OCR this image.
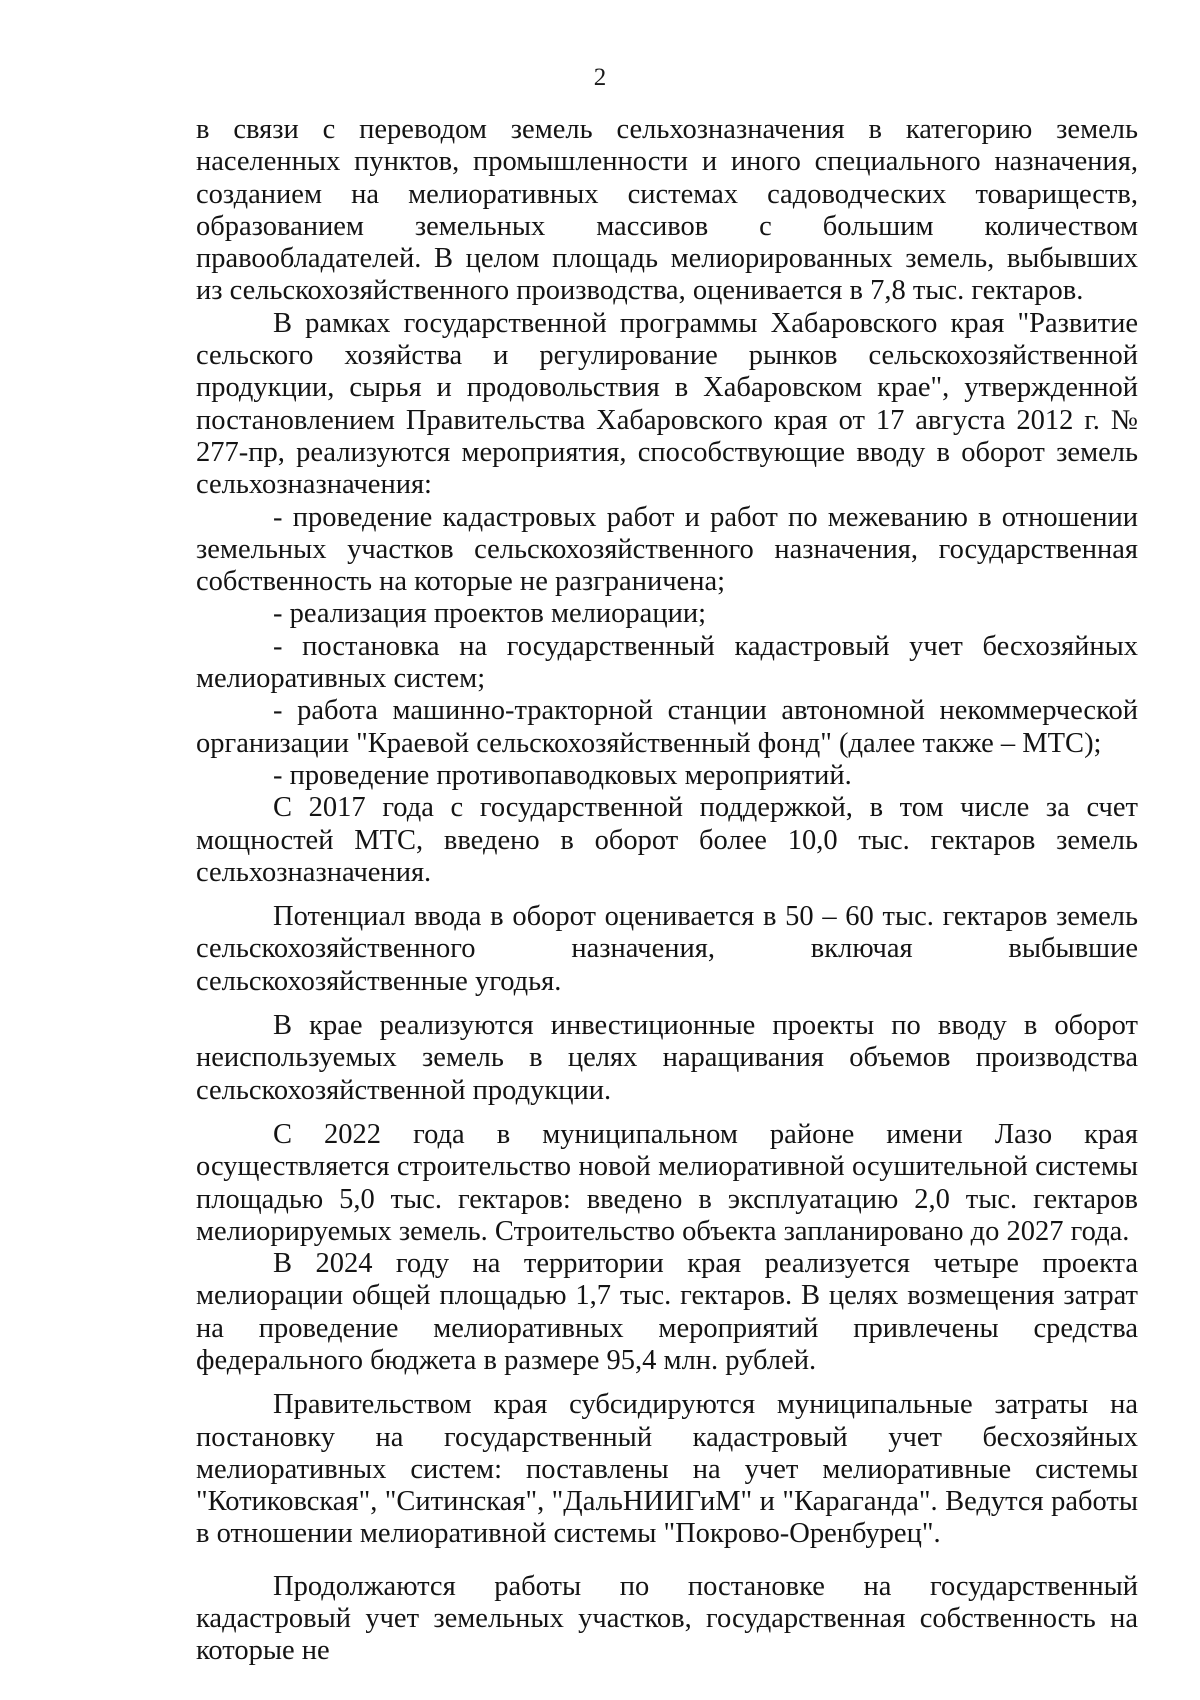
2

в связи с переводом земель сельхозназначения в категорию земель населенных пунктов, промышленности и иного специального назначения, созданием на мелиоративных системах садоводческих товариществ, образованием земельных массивов с большим количеством правообладателей. В целом площадь мелиорированных земель, выбывших из сельскохозяйственного производства, оценивается в 7,8 тыс. гектаров.

В рамках государственной программы Хабаровского края "Развитие сельского хозяйства и регулирование рынков сельскохозяйственной продукции, сырья и продовольствия в Хабаровском крае", утвержденной постановлением Правительства Хабаровского края от 17 августа 2012 г. № 277-пр, реализуются мероприятия, способствующие вводу в оборот земель сельхозназначения:

- проведение кадастровых работ и работ по межеванию в отношении земельных участков сельскохозяйственного назначения, государственная собственность на которые не разграничена;

- реализация проектов мелиорации;

- постановка на государственный кадастровый учет бесхозяйных мелиоративных систем;

- работа машинно-тракторной станции автономной некоммерческой организации "Краевой сельскохозяйственный фонд" (далее также – МТС);

- проведение противопаводковых мероприятий.

С 2017 года с государственной поддержкой, в том числе за счет мощностей МТС, введено в оборот более 10,0 тыс. гектаров земель сельхозназначения.

Потенциал ввода в оборот оценивается в 50 – 60 тыс. гектаров земель сельскохозяйственного назначения, включая выбывшие сельскохозяйственные угодья.

В крае реализуются инвестиционные проекты по вводу в оборот неиспользуемых земель в целях наращивания объемов производства сельскохозяйственной продукции.

С 2022 года в муниципальном районе имени Лазо края осуществляется строительство новой мелиоративной осушительной системы площадью 5,0 тыс. гектаров: введено в эксплуатацию 2,0 тыс. гектаров мелиорируемых земель. Строительство объекта запланировано до 2027 года.

В 2024 году на территории края реализуется четыре проекта мелиорации общей площадью 1,7 тыс. гектаров. В целях возмещения затрат на проведение мелиоративных мероприятий привлечены средства федерального бюджета в размере 95,4 млн. рублей.

Правительством края субсидируются муниципальные затраты на постановку на государственный кадастровый учет бесхозяйных мелиоративных систем: поставлены на учет мелиоративные системы "Котиковская", "Ситинская", "ДальНИИГиМ" и "Караганда". Ведутся работы в отношении мелиоративной системы "Покрово-Оренбурец".

Продолжаются работы по постановке на государственный кадастровый учет земельных участков, государственная собственность на которые не
